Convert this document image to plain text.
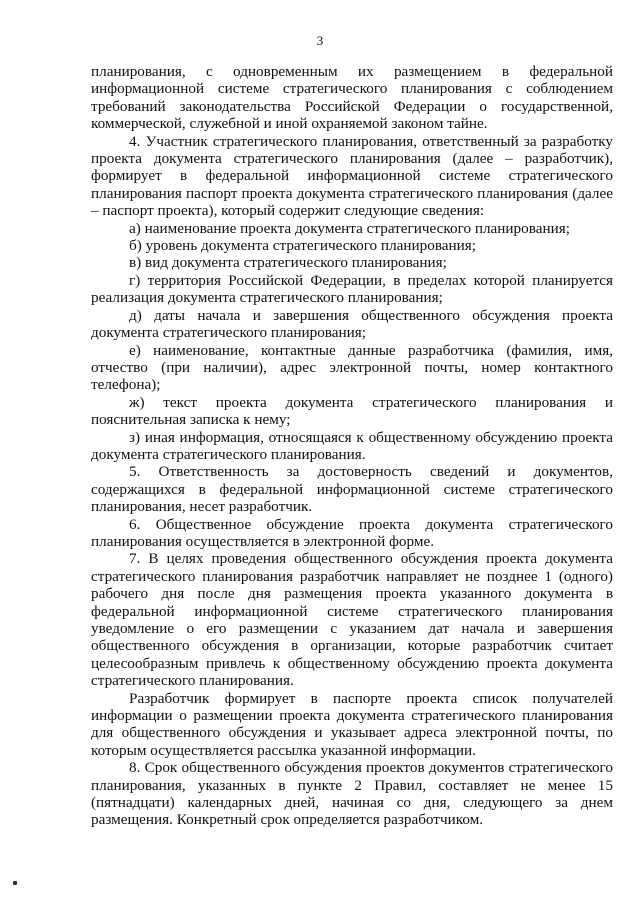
3

планирования, с одновременным их размещением в федеральной информационной системе стратегического планирования с соблюдением требований законодательства Российской Федерации о государственной, коммерческой, служебной и иной охраняемой законом тайне.

4. Участник стратегического планирования, ответственный за разработку проекта документа стратегического планирования (далее – разработчик), формирует в федеральной информационной системе стратегического планирования паспорт проекта документа стратегического планирования (далее – паспорт проекта), который содержит следующие сведения:

а) наименование проекта документа стратегического планирования;

б) уровень документа стратегического планирования;

в) вид документа стратегического планирования;

г) территория Российской Федерации, в пределах которой планируется реализация документа стратегического планирования;

д) даты начала и завершения общественного обсуждения проекта документа стратегического планирования;

е) наименование, контактные данные разработчика (фамилия, имя, отчество (при наличии), адрес электронной почты, номер контактного телефона);

ж) текст проекта документа стратегического планирования и пояснительная записка к нему;

з) иная информация, относящаяся к общественному обсуждению проекта документа стратегического планирования.

5. Ответственность за достоверность сведений и документов, содержащихся в федеральной информационной системе стратегического планирования, несет разработчик.

6. Общественное обсуждение проекта документа стратегического планирования осуществляется в электронной форме.

7. В целях проведения общественного обсуждения проекта документа стратегического планирования разработчик направляет не позднее 1 (одного) рабочего дня после дня размещения проекта указанного документа в федеральной информационной системе стратегического планирования уведомление о его размещении с указанием дат начала и завершения общественного обсуждения в организации, которые разработчик считает целесообразным привлечь к общественному обсуждению проекта документа стратегического планирования.

Разработчик формирует в паспорте проекта список получателей информации о размещении проекта документа стратегического планирования для общественного обсуждения и указывает адреса электронной почты, по которым осуществляется рассылка указанной информации.

8. Срок общественного обсуждения проектов документов стратегического планирования, указанных в пункте 2 Правил, составляет не менее 15 (пятнадцати) календарных дней, начиная со дня, следующего за днем размещения. Конкретный срок определяется разработчиком.
